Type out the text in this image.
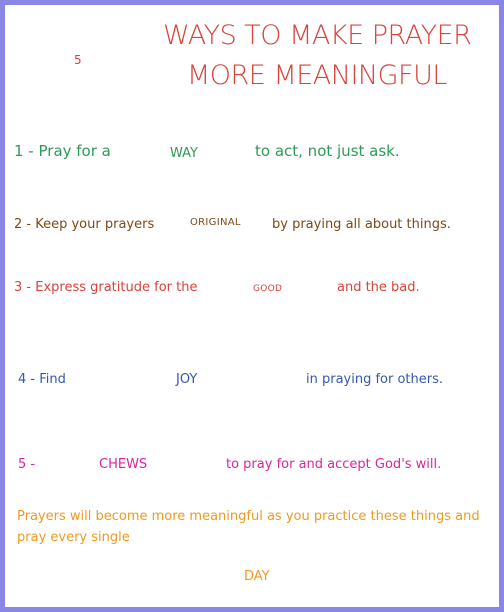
5
WAYS TO MAKE PRAYER
MORE MEANINGFUL
1 - Pray for a	WAY	to act, not just ask.
2 - Keep your prayers	ORIGINAL by praying all about things.
3 - Express gratitude for the	GOOD	and the bad.
4 - Find	JOY	in praying for others.
5 -	CHEWS	to pray for and accept God's will.
Prayers will become more meaningful as you practice these things and pray every single
DAY
